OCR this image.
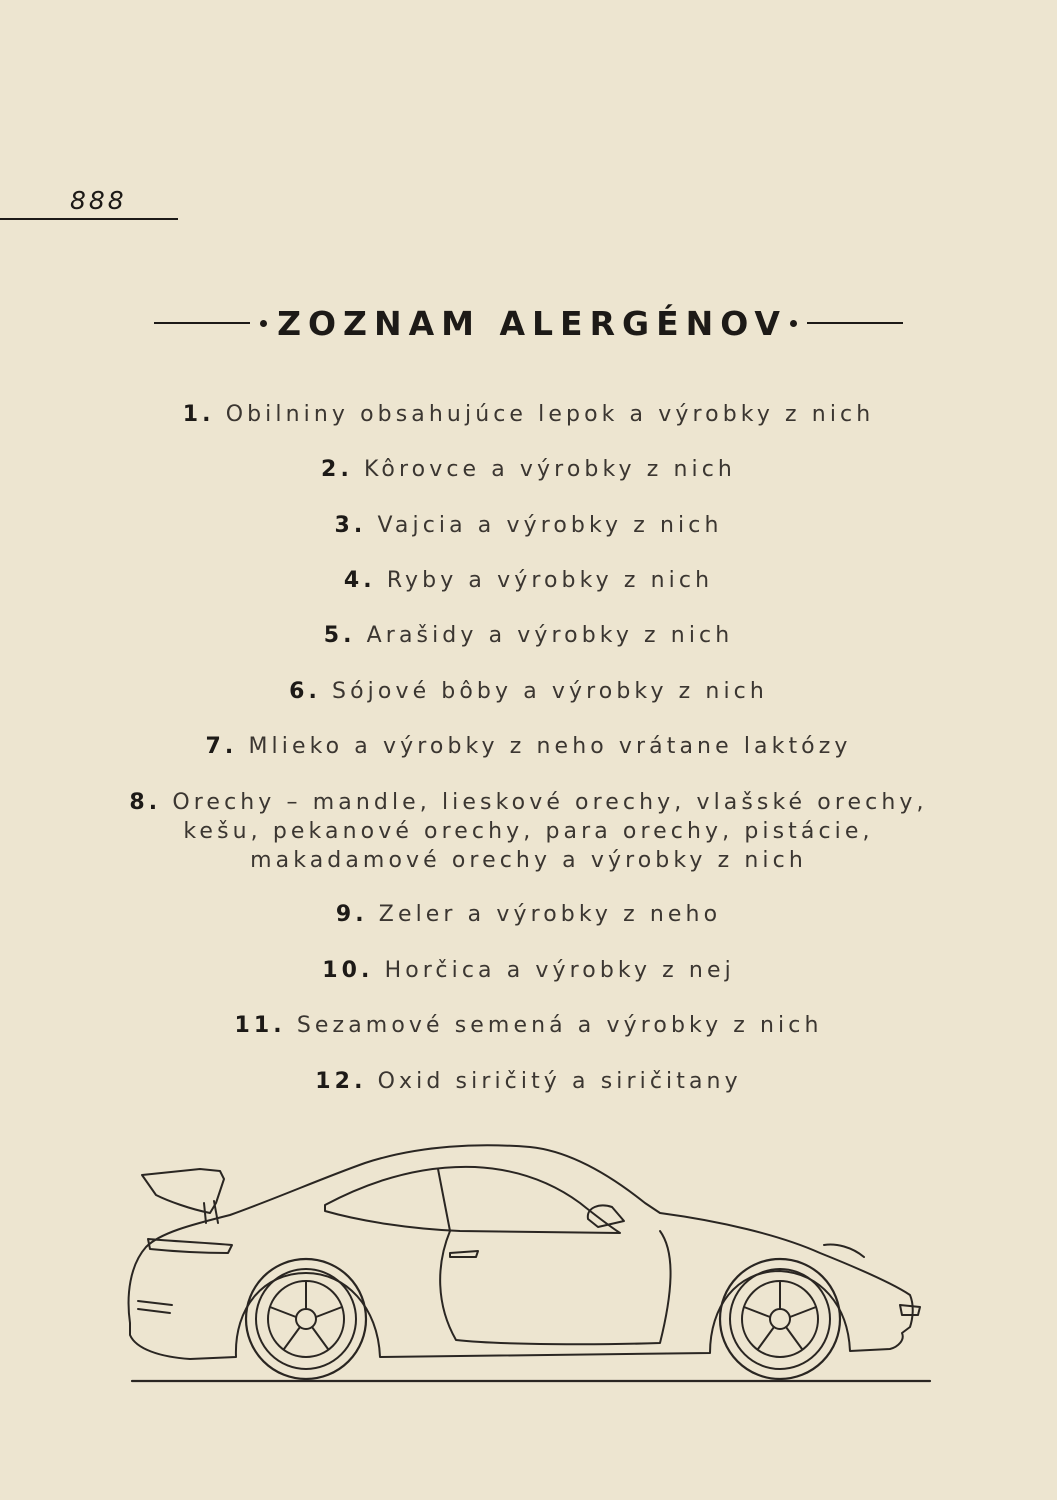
888
ZOZNAM ALERGÉNOV
1. Obilniny obsahujúce lepok a výrobky z nich
2. Kôrovce a výrobky z nich
3. Vajcia a výrobky z nich
4. Ryby a výrobky z nich
5. Arašidy a výrobky z nich
6. Sójové bôby a výrobky z nich
7. Mlieko a výrobky z neho vrátane laktózy
8. Orechy – mandle, lieskové orechy, vlašské orechy,
kešu, pekanové orechy, para orechy, pistácie,
makadamové orechy a výrobky z nich
9. Zeler a výrobky z neho
10. Horčica a výrobky z nej
11. Sezamové semená a výrobky z nich
12. Oxid siričitý a siričitany
